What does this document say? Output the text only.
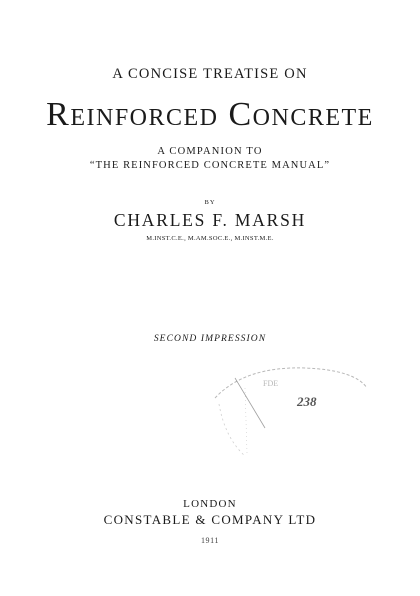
A CONCISE TREATISE ON
Reinforced Concrete
A COMPANION TO
“THE REINFORCED CONCRETE MANUAL”
BY
CHARLES F. MARSH
M.INST.C.E., M.AM.SOC.E., M.INST.M.E.
SECOND IMPRESSION
FDE
238
LONDON
CONSTABLE & COMPANY LTD
1911
